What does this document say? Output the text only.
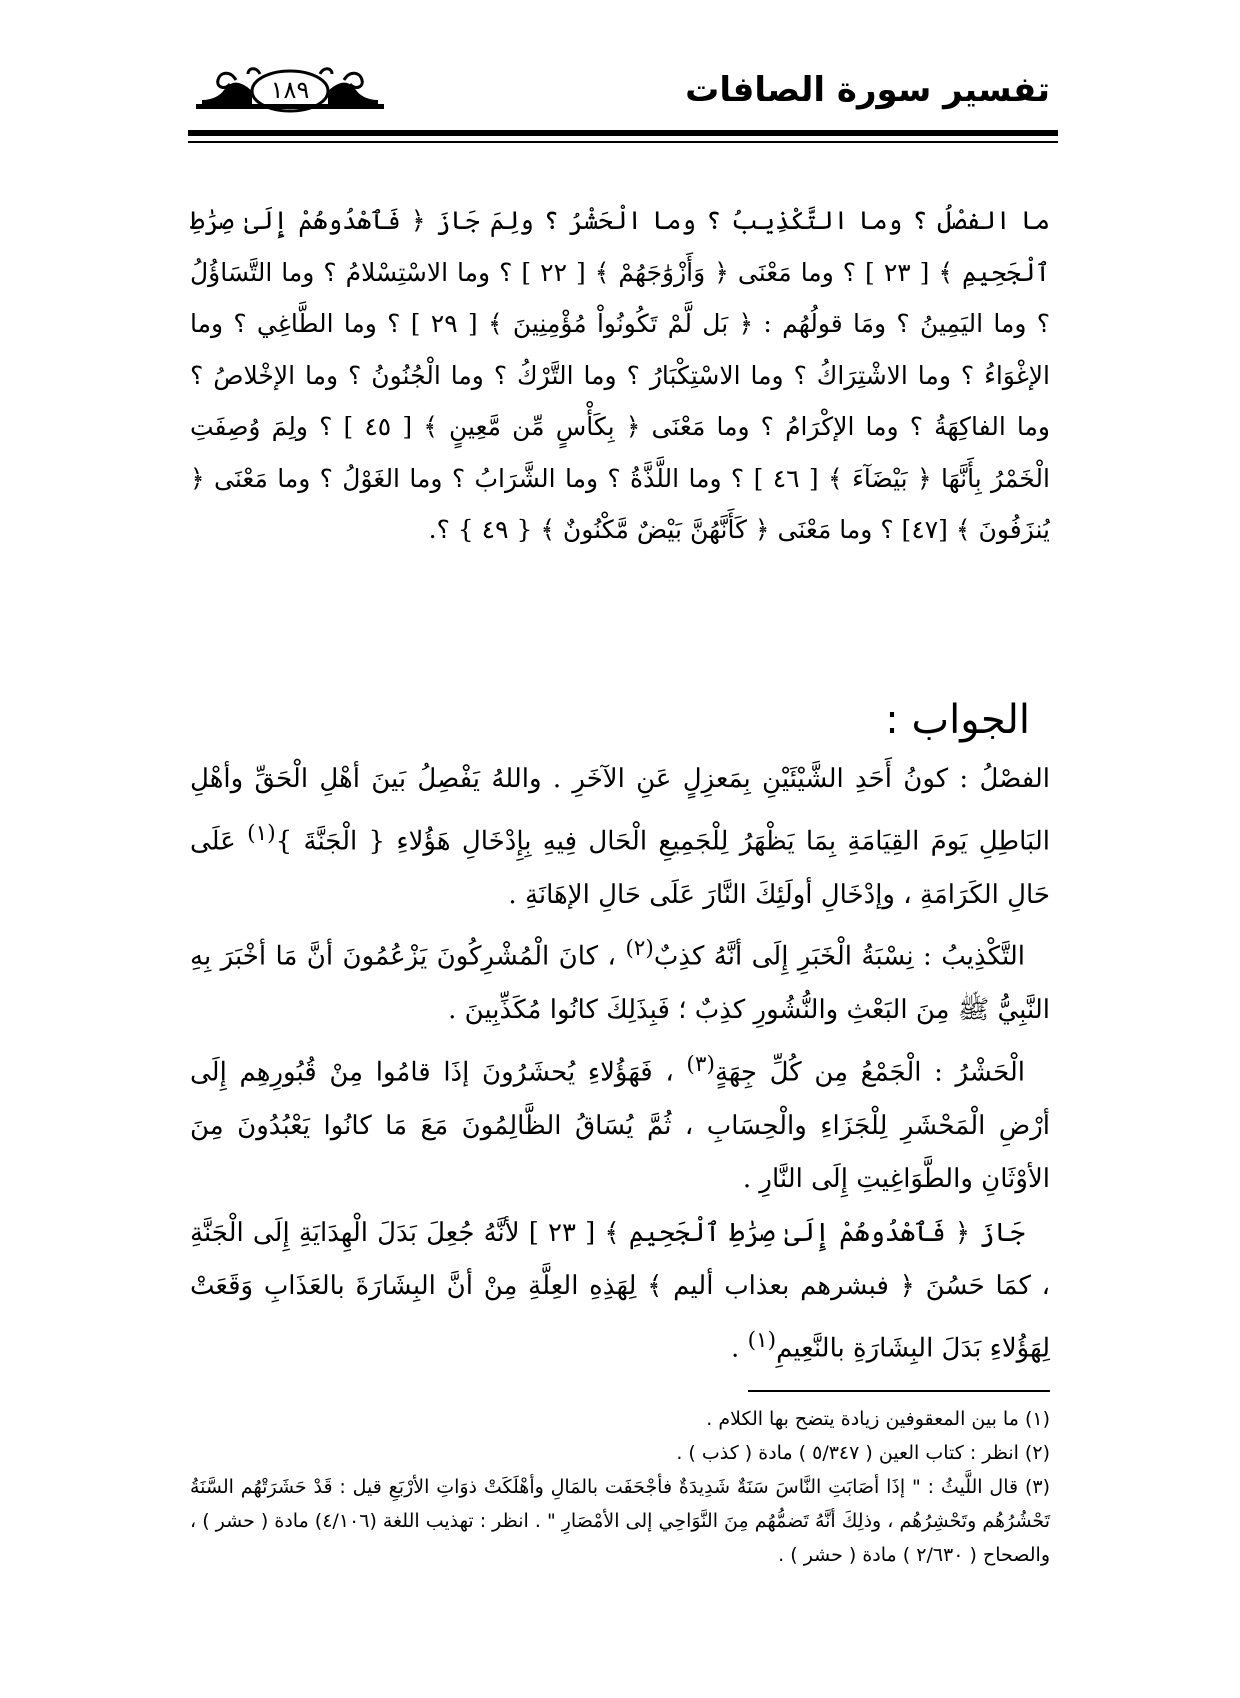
تفسير سورة الصافات
١٨٩
ما الفصْلُ ؟ وما التَّكْذِيبُ ؟ وما الْحَشْرُ ؟ ولِمَ جَازَ ﴿ فَٱهْدُوهُمْ إِلَىٰ صِرَٰطِ ٱلْجَحِيمِ ﴾ [ ٢٣ ] ؟ وما مَعْنَى ﴿ وَأَزْوَٰجَهُمْ ﴾ [ ٢٢ ] ؟ وما الاسْتِسْلامُ ؟ وما التَّسَاؤُلُ ؟ وما اليَمِينُ ؟ ومَا قولُهُم : ﴿ بَل لَّمْ تَكُونُواْ مُؤْمِنِينَ ﴾ [ ٢٩ ] ؟ وما الطَّاغِي ؟ وما الإغْوَاءُ ؟ وما الاشْتِرَاكُ ؟ وما الاسْتِكْبَارُ ؟ وما التَّرْكُ ؟ وما الْجُنُونُ ؟ وما الإخْلاصُ ؟ وما الفاكِهَةُ ؟ وما الإكْرَامُ ؟ وما مَعْنَى ﴿ بِكَأْسٍ مِّن مَّعِينٍ ﴾ [ ٤٥ ] ؟ ولِمَ وُصِفَتِ الْخَمْرُ بِأَنَّهَا ﴿ بَيْضَآءَ ﴾ [ ٤٦ ] ؟ وما اللَّذَّةُ ؟ وما الشَّرَابُ ؟ وما الغَوْلُ ؟ وما مَعْنَى ﴿ يُنزَفُونَ ﴾ [٤٧] ؟ وما مَعْنَى ﴿ كَأَنَّهُنَّ بَيْضٌ مَّكْنُونٌ ﴾ { ٤٩ } ؟.
الجواب :

الفصْلُ : كونُ أَحَدِ الشَّيْئَيْنِ بِمَعزِلٍ عَنِ الآخَرِ . واللهُ يَفْصِلُ بَينَ أهْلِ الْحَقِّ وأهْلِ البَاطِلِ يَومَ القِيَامَةِ بِمَا يَظْهَرُ لِلْجَمِيعِ الْحَال فِيهِ بِإِدْخَالِ هَؤُلاءِ { الْجَنَّةَ }$^{(١)}$ عَلَى حَالِ الكَرَامَةِ ، وإدْخَالِ أولَئِكَ النَّارَ عَلَى حَالِ الإهَانَةِ .

التَّكْذِيبُ : نِسْبَةُ الْخَبَرِ إِلَى أنَّهُ كذِبٌ$^{(٢)}$ ، كانَ الْمُشْرِكُونَ يَزْعُمُونَ أنَّ مَا أخْبَرَ بِهِ النَّبِيُّ ﷺ مِنَ البَعْثِ والنُّشُورِ كذِبٌ ؛ فَبِذَلِكَ كانُوا مُكَذِّبِينَ .

الْحَشْرُ : الْجَمْعُ مِن كُلِّ جِهَةٍ$^{(٣)}$ ، فَهَؤُلاءِ يُحشَرُونَ إذَا قامُوا مِنْ قُبُورِهِم إِلَى أرْضِ الْمَحْشَرِ لِلْجَزَاءِ والْحِسَابِ ، ثُمَّ يُسَاقُ الظَّالِمُونَ مَعَ مَا كانُوا يَعْبُدُونَ مِنَ الأوْثَانِ والطَّوَاغِيتِ إِلَى النَّارِ .

جَازَ ﴿ فَٱهْدُوهُمْ إِلَىٰ صِرَٰطِ ٱلْجَحِيمِ ﴾ [ ٢٣ ] لأنَّهُ جُعِلَ بَدَلَ الْهِدَايَةِ إِلَى الْجَنَّةِ ، كمَا حَسُنَ ﴿ فبشرهم بعذاب أليم ﴾ لِهَذِهِ العِلَّةِ مِنْ أنَّ البِشَارَةَ بالعَذَابِ وَقَعَتْ لِهَؤُلاءِ بَدَلَ البِشَارَةِ بالنَّعِيمِ$^{(١)}$ .

(١) ما بين المعقوفين زيادة يتضح بها الكلام .

(٢) انظر : كتاب العين ( ٥/٣٤٧ ) مادة ( كذب ) .

(٣) قال اللَّيثُ : " إذَا أصَابَتِ النَّاسَ سَنَةٌ شَدِيدَةٌ فأجْحَفَت بالمَالِ وأهْلَكَتْ ذوَاتِ الأرْبَعِ قيل : قَدْ حَشَرَتْهُم السَّنَةُ تَحْشُرُهُم وتَحْشِرُهُم ، وذلِكَ أنَّهُ تَضمُّهُم مِنَ النَّوَاحِي إلى الأمْصَارِ " . انظر : تهذيب اللغة (٤/١٠٦) مادة ( حشر ) ، والصحاح ( ٢/٦٣٠ ) مادة ( حشر ) .
